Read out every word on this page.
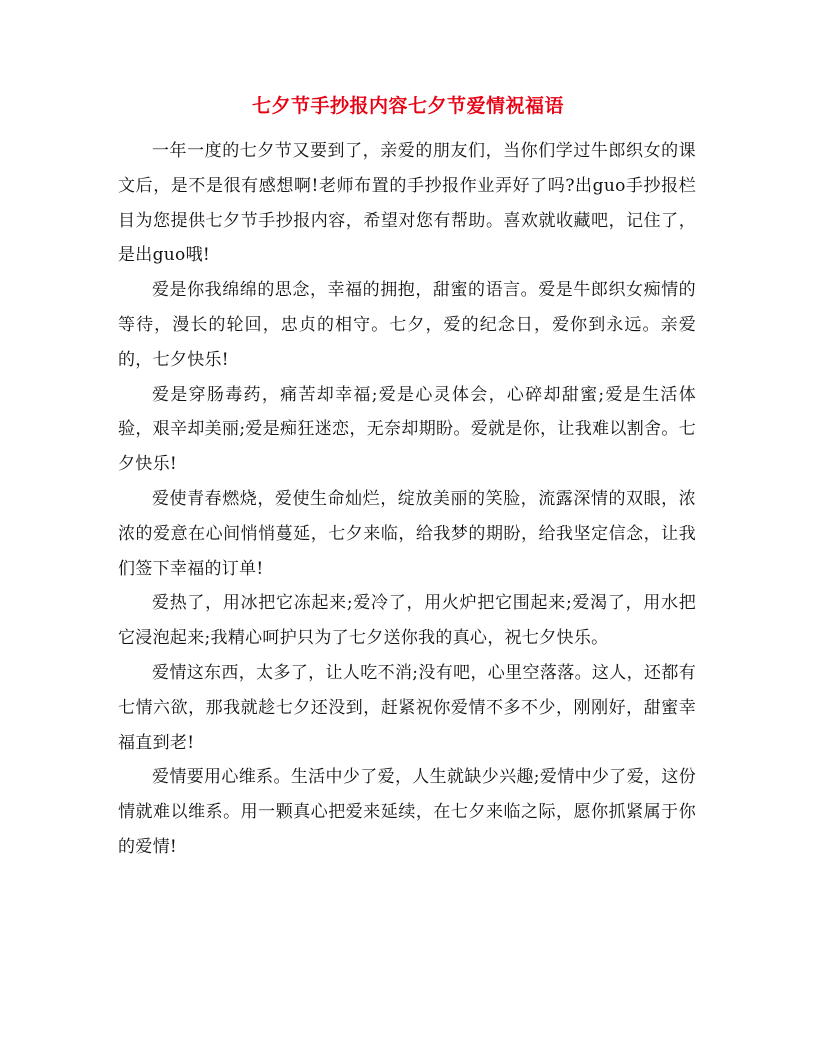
七夕节手抄报内容七夕节爱情祝福语

一年一度的七夕节又要到了，亲爱的朋友们，当你们学过牛郎织女的课文后，是不是很有感想啊!老师布置的手抄报作业弄好了吗?出guo手抄报栏目为您提供七夕节手抄报内容，希望对您有帮助。喜欢就收藏吧，记住了，是出guo哦!

爱是你我绵绵的思念，幸福的拥抱，甜蜜的语言。爱是牛郎织女痴情的等待，漫长的轮回，忠贞的相守。七夕，爱的纪念日，爱你到永远。亲爱的，七夕快乐!

爱是穿肠毒药，痛苦却幸福;爱是心灵体会，心碎却甜蜜;爱是生活体验，艰辛却美丽;爱是痴狂迷恋，无奈却期盼。爱就是你，让我难以割舍。七夕快乐!

爱使青春燃烧，爱使生命灿烂，绽放美丽的笑脸，流露深情的双眼，浓浓的爱意在心间悄悄蔓延，七夕来临，给我梦的期盼，给我坚定信念，让我们签下幸福的订单!

爱热了，用冰把它冻起来;爱冷了，用火炉把它围起来;爱渴了，用水把它浸泡起来;我精心呵护只为了七夕送你我的真心，祝七夕快乐。

爱情这东西，太多了，让人吃不消;没有吧，心里空落落。这人，还都有七情六欲，那我就趁七夕还没到，赶紧祝你爱情不多不少，刚刚好，甜蜜幸福直到老!

爱情要用心维系。生活中少了爱，人生就缺少兴趣;爱情中少了爱，这份情就难以维系。用一颗真心把爱来延续，在七夕来临之际，愿你抓紧属于你的爱情!
